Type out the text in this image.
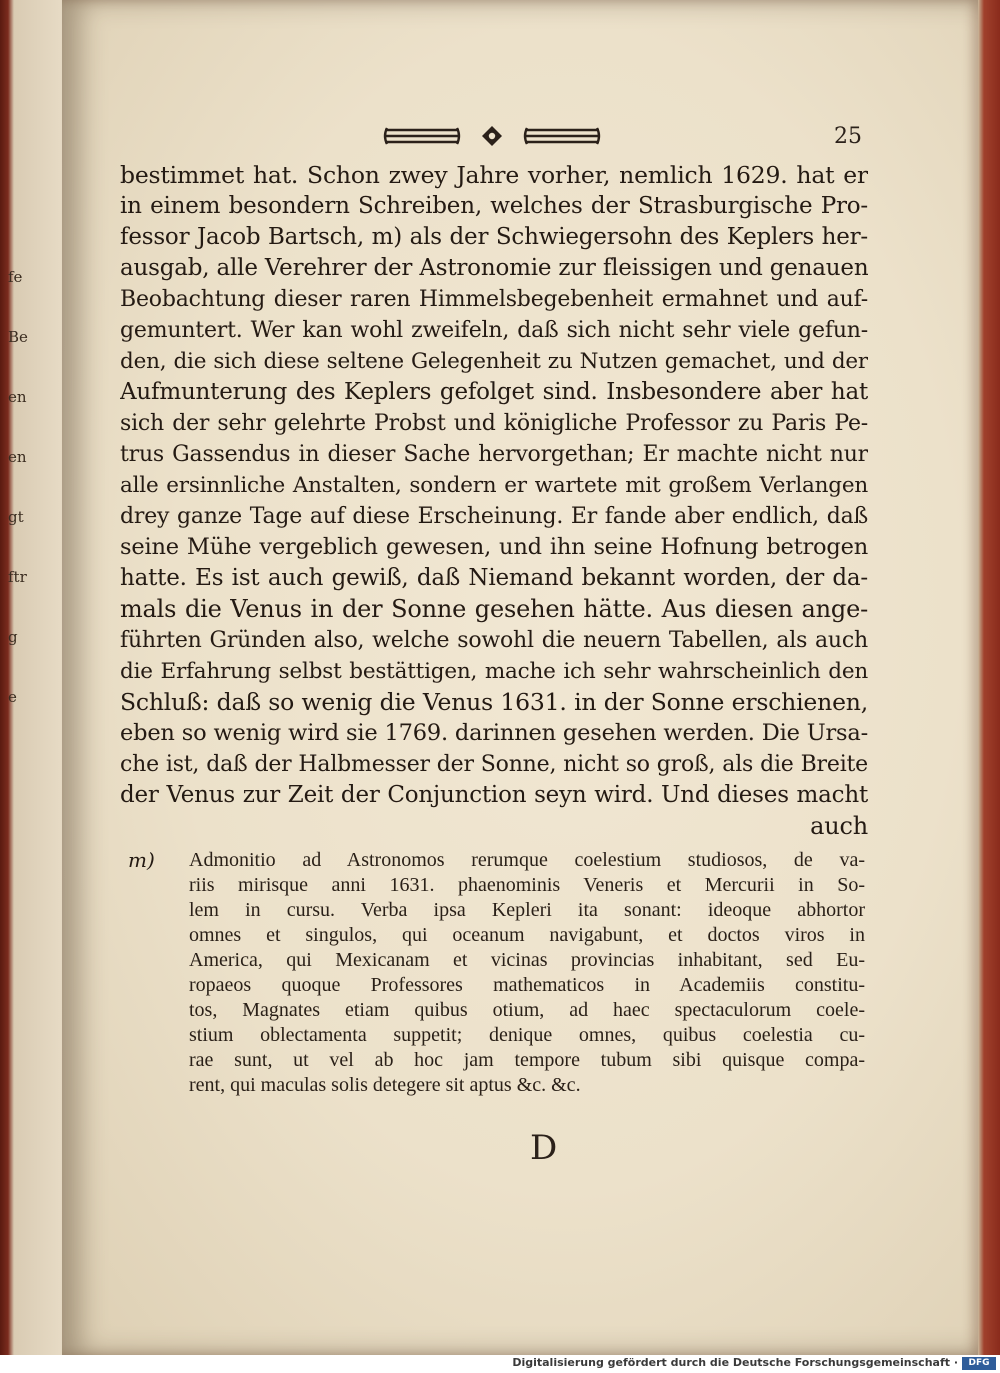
fe
Be
en
en
gt
ftr
g
e
25
bestimmet hat. Schon zwey Jahre vorher, nemlich 1629. hat er
in einem besondern Schreiben, welches der Strasburgische Pro-
fessor Jacob Bartsch, m) als der Schwiegersohn des Keplers her-
ausgab, alle Verehrer der Astronomie zur fleissigen und genauen
Beobachtung dieser raren Himmelsbegebenheit ermahnet und auf-
gemuntert. Wer kan wohl zweifeln, daß sich nicht sehr viele gefun-
den, die sich diese seltene Gelegenheit zu Nutzen gemachet, und der
Aufmunterung des Keplers gefolget sind. Insbesondere aber hat
sich der sehr gelehrte Probst und königliche Professor zu Paris Pe-
trus Gassendus in dieser Sache hervorgethan; Er machte nicht nur
alle ersinnliche Anstalten, sondern er wartete mit großem Verlangen
drey ganze Tage auf diese Erscheinung. Er fande aber endlich, daß
seine Mühe vergeblich gewesen, und ihn seine Hofnung betrogen
hatte. Es ist auch gewiß, daß Niemand bekannt worden, der da-
mals die Venus in der Sonne gesehen hätte. Aus diesen ange-
führten Gründen also, welche sowohl die neuern Tabellen, als auch
die Erfahrung selbst bestättigen, mache ich sehr wahrscheinlich den
Schluß: daß so wenig die Venus 1631. in der Sonne erschienen,
eben so wenig wird sie 1769. darinnen gesehen werden. Die Ursa-
che ist, daß der Halbmesser der Sonne, nicht so groß, als die Breite
der Venus zur Zeit der Conjunction seyn wird. Und dieses macht
auch
m) Admonitio ad Astronomos rerumque coelestium studiosos, de va-
riis mirisque anni 1631. phaenominis Veneris et Mercurii in So-
lem in cursu. Verba ipsa Kepleri ita sonant: ideoque abhortor
omnes et singulos, qui oceanum navigabunt, et doctos viros in
America, qui Mexicanam et vicinas provincias inhabitant, sed Eu-
ropaeos quoque Professores mathematicos in Academiis constitu-
tos, Magnates etiam quibus otium, ad haec spectaculorum coele-
stium oblectamenta suppetit; denique omnes, quibus coelestia cu-
rae sunt, ut vel ab hoc jam tempore tubum sibi quisque compa-
rent, qui maculas solis detegere sit aptus &c. &c.
D
Digitalisierung gefördert durch die Deutsche Forschungsgemeinschaft ·	DFG
